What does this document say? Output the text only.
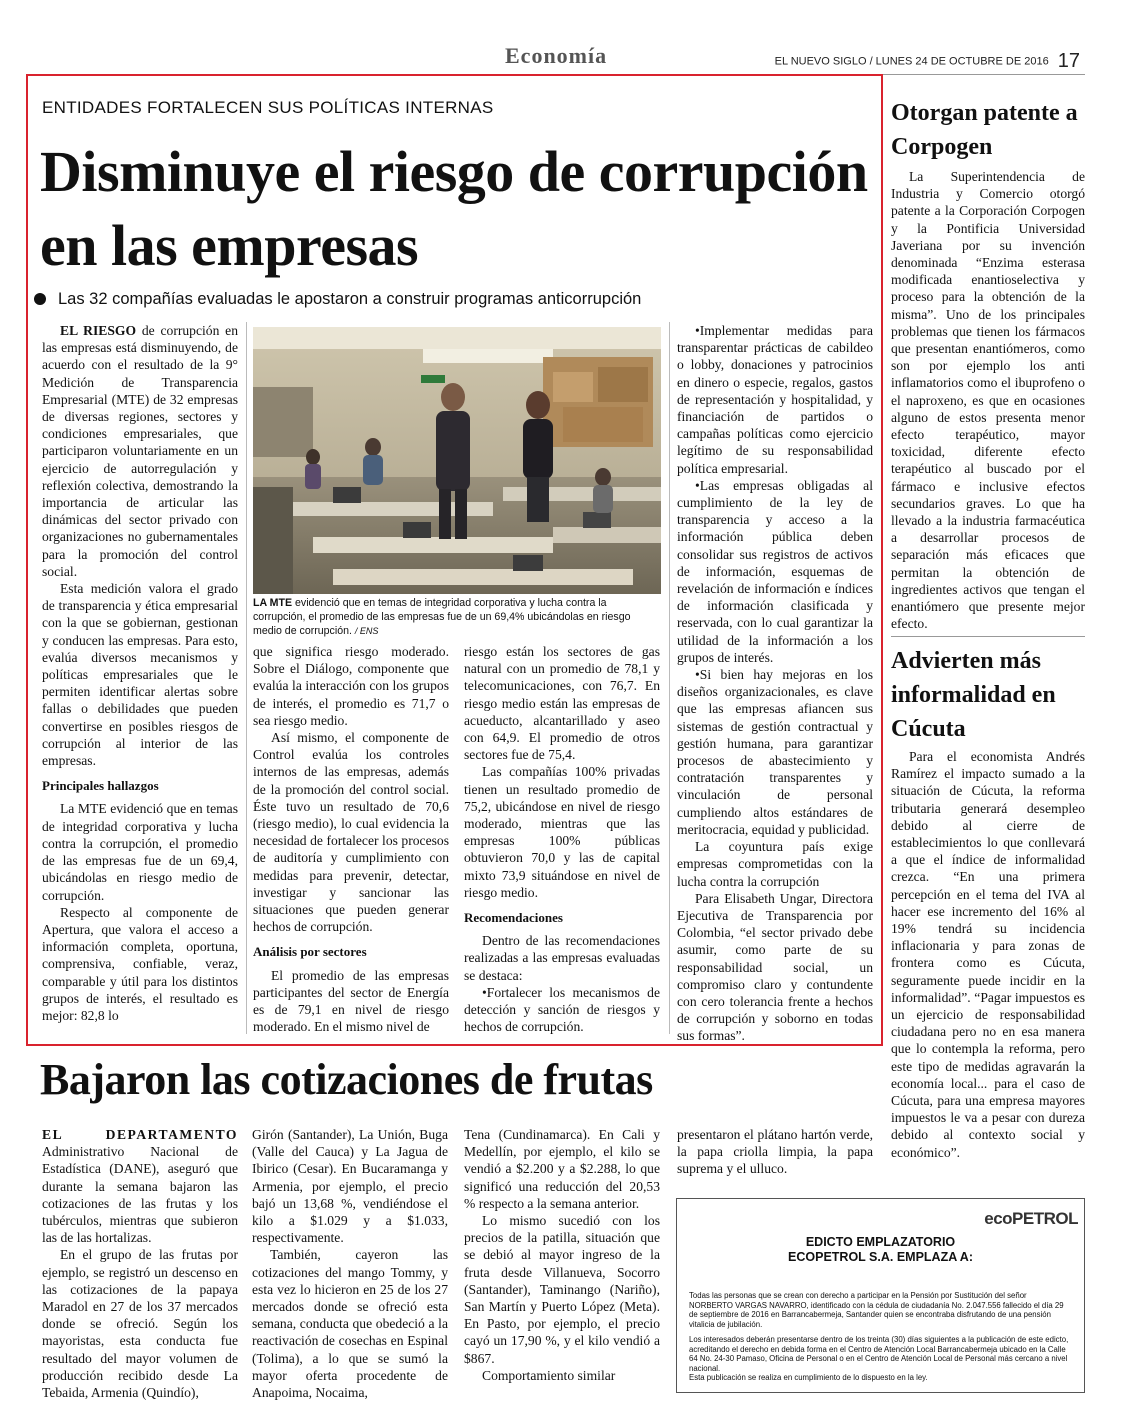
Economía	EL NUEVO SIGLO / LUNES 24 DE OCTUBRE DE 2016 17
ENTIDADES FORTALECEN SUS POLÍTICAS INTERNAS
Disminuye el riesgo de corrupción en las empresas
Las 32 compañías evaluadas le apostaron a construir programas anticorrupción
LA MTE evidenció que en temas de integridad corporativa y lucha contra la corrupción, el promedio de las empresas fue de un 69,4% ubicándolas en riesgo medio de corrupción. / ENS

EL RIESGO de corrupción en las empresas está disminuyendo, de acuerdo con el resultado de la 9° Medición de Transparencia Empresarial (MTE) de 32 empresas de diversas regiones, sectores y condiciones empresariales, que participaron voluntariamente en un ejercicio de autorregulación y reflexión colectiva, demostrando la importancia de articular las dinámicas del sector privado con organizaciones no gubernamentales para la promoción del control social.

Esta medición valora el grado de transparencia y ética empresarial con la que se gobiernan, gestionan y conducen las empresas. Para esto, evalúa diversos mecanismos y políticas empresariales que le permiten identificar alertas sobre fallas o debilidades que pueden convertirse en posibles riesgos de corrupción al interior de las empresas.

Principales hallazgos

La MTE evidenció que en temas de integridad corporativa y lucha contra la corrupción, el promedio de las empresas fue de un 69,4, ubicándolas en riesgo medio de corrupción.

Respecto al componente de Apertura, que valora el acceso a información completa, oportuna, comprensiva, confiable, veraz, comparable y útil para los distintos grupos de interés, el resultado es mejor: 82,8 lo

que significa riesgo moderado. Sobre el Diálogo, componente que evalúa la interacción con los grupos de interés, el promedio es 71,7 o sea riesgo medio.

Así mismo, el componente de Control evalúa los controles internos de las empresas, además de la promoción del control social. Éste tuvo un resultado de 70,6 (riesgo medio), lo cual evidencia la necesidad de fortalecer los procesos de auditoría y cumplimiento con medidas para prevenir, detectar, investigar y sancionar las situaciones que pueden generar hechos de corrupción.

Análisis por sectores

El promedio de las empresas participantes del sector de Energía es de 79,1 en nivel de riesgo moderado. En el mismo nivel de

riesgo están los sectores de gas natural con un promedio de 78,1 y telecomunicaciones, con 76,7. En riesgo medio están las empresas de acueducto, alcantarillado y aseo con 64,9. El promedio de otros sectores fue de 75,4.

Las compañías 100% privadas tienen un resultado promedio de 75,2, ubicándose en nivel de riesgo moderado, mientras que las empresas 100% públicas obtuvieron 70,0 y las de capital mixto 73,9 situándose en nivel de riesgo medio.

Recomendaciones

Dentro de las recomendaciones realizadas a las empresas evaluadas se destaca:

•Fortalecer los mecanismos de detección y sanción de riesgos y hechos de corrupción.

•Implementar medidas para transparentar prácticas de cabildeo o lobby, donaciones y patrocinios en dinero o especie, regalos, gastos de representación y hospitalidad, y financiación de partidos o campañas políticas como ejercicio legítimo de su responsabilidad política empresarial.

•Las empresas obligadas al cumplimiento de la ley de transparencia y acceso a la información pública deben consolidar sus registros de activos de información, esquemas de revelación de información e índices de información clasificada y reservada, con lo cual garantizar la utilidad de la información a los grupos de interés.

•Si bien hay mejoras en los diseños organizacionales, es clave que las empresas afiancen sus sistemas de gestión contractual y gestión humana, para garantizar procesos de abastecimiento y contratación transparentes y vinculación de personal cumpliendo altos estándares de meritocracia, equidad y publicidad.

La coyuntura país exige empresas comprometidas con la lucha contra la corrupción

Para Elisabeth Ungar, Directora Ejecutiva de Transparencia por Colombia, “el sector privado debe asumir, como parte de su responsabilidad social, un compromiso claro y contundente con cero tolerancia frente a hechos de corrupción y soborno en todas sus formas”.

Otorgan patente a Corpogen

La Superintendencia de Industria y Comercio otorgó patente a la Corporación Corpogen y la Pontificia Universidad Javeriana por su invención denominada “Enzima esterasa modificada enantioselectiva y proceso para la obtención de la misma”. Uno de los principales problemas que tienen los fármacos que presentan enantiómeros, como son por ejemplo los anti inflamatorios como el ibuprofeno o el naproxeno, es que en ocasiones alguno de estos presenta menor efecto terapéutico, mayor toxicidad, diferente efecto terapéutico al buscado por el fármaco e inclusive efectos secundarios graves. Lo que ha llevado a la industria farmacéutica a desarrollar procesos de separación más eficaces que permitan la obtención de ingredientes activos que tengan el enantiómero que presente mejor efecto.

Advierten más informalidad en Cúcuta

Para el economista Andrés Ramírez el impacto sumado a la situación de Cúcuta, la reforma tributaria generará desempleo debido al cierre de establecimientos lo que conllevará a que el índice de informalidad crezca. “En una primera percepción en el tema del IVA al hacer ese incremento del 16% al 19% tendrá su incidencia inflacionaria y para zonas de frontera como es Cúcuta, seguramente puede incidir en la informalidad”. “Pagar impuestos es un ejercicio de responsabilidad ciudadana pero no en esa manera que lo contempla la reforma, pero este tipo de medidas agravarán la economía local... para el caso de Cúcuta, para una empresa mayores impuestos le va a pesar con dureza debido al contexto social y económico”.

Bajaron las cotizaciones de frutas

EL DEPARTAMENTO Administrativo Nacional de Estadística (DANE), aseguró que durante la semana bajaron las cotizaciones de las frutas y los tubérculos, mientras que subieron las de las hortalizas.

En el grupo de las frutas por ejemplo, se registró un descenso en las cotizaciones de la papaya Maradol en 27 de los 37 mercados donde se ofreció. Según los mayoristas, esta conducta fue resultado del mayor volumen de producción recibido desde La Tebaida, Armenia (Quindío),

Girón (Santander), La Unión, Buga (Valle del Cauca) y La Jagua de Ibirico (Cesar). En Bucaramanga y Armenia, por ejemplo, el precio bajó un 13,68 %, vendiéndose el kilo a $1.029 y a $1.033, respectivamente.

También, cayeron las cotizaciones del mango Tommy, y esta vez lo hicieron en 25 de los 27 mercados donde se ofreció esta semana, conducta que obedeció a la reactivación de cosechas en Espinal (Tolima), a lo que se sumó la mayor oferta procedente de Anapoima, Nocaima,

Tena (Cundinamarca). En Cali y Medellín, por ejemplo, el kilo se vendió a $2.200 y a $2.288, lo que significó una reducción del 20,53 % respecto a la semana anterior.

Lo mismo sucedió con los precios de la patilla, situación que se debió al mayor ingreso de la fruta desde Villanueva, Socorro (Santander), Taminango (Nariño), San Martín y Puerto López (Meta). En Pasto, por ejemplo, el precio cayó un 17,90 %, y el kilo vendió a $867.

Comportamiento similar

presentaron el plátano hartón verde, la papa criolla limpia, la papa suprema y el ulluco.

ecoPETROL
EDICTO EMPLAZATORIO
ECOPETROL S.A. EMPLAZA A:
Todas las personas que se crean con derecho a participar en la Pensión por Sustitución del señor NORBERTO VARGAS NAVARRO, identificado con la cédula de ciudadanía No. 2.047.556 fallecido el día 29 de septiembre de 2016 en Barrancabermeja, Santander quien se encontraba disfrutando de una pensión vitalicia de jubilación.
Los interesados deberán presentarse dentro de los treinta (30) días siguientes a la publicación de este edicto, acreditando el derecho en debida forma en el Centro de Atención Local Barrancabermeja ubicado en la Calle 64 No. 24-30 Pamaso, Oficina de Personal o en el Centro de Atención Local de Personal más cercano a nivel nacional.
Esta publicación se realiza en cumplimiento de lo dispuesto en la ley.
